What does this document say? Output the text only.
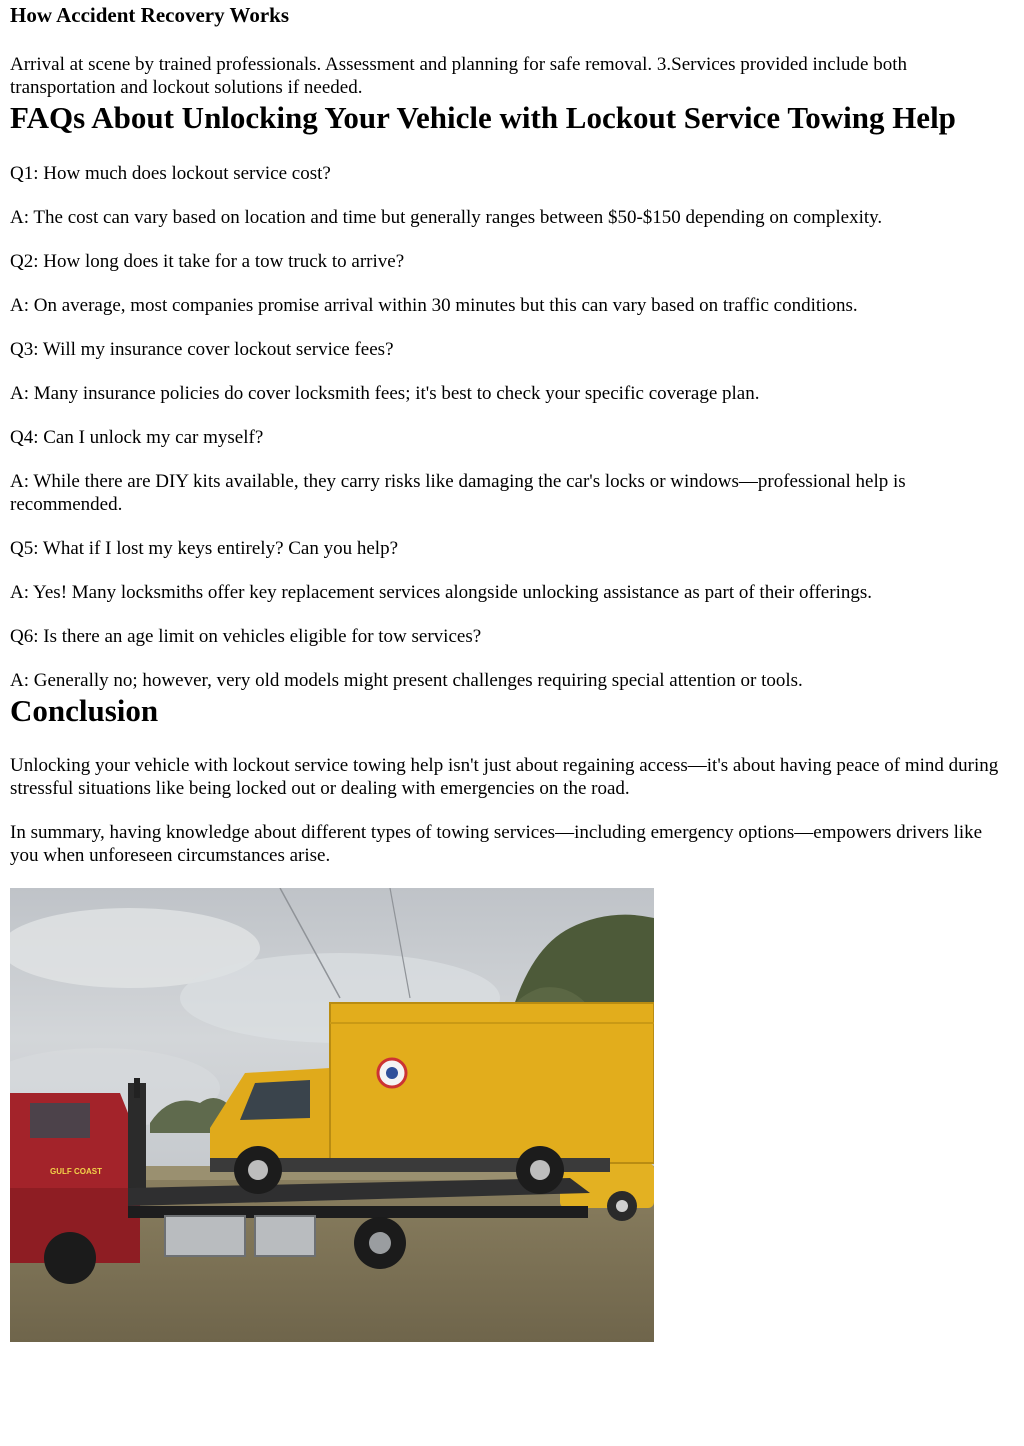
How Accident Recovery Works

Arrival at scene by trained professionals. Assessment and planning for safe removal. 3.Services provided include both transportation and lockout solutions if needed.

FAQs About Unlocking Your Vehicle with Lockout Service Towing Help

Q1: How much does lockout service cost?

A: The cost can vary based on location and time but generally ranges between $50-$150 depending on complexity.

Q2: How long does it take for a tow truck to arrive?

A: On average, most companies promise arrival within 30 minutes but this can vary based on traffic conditions.

Q3: Will my insurance cover lockout service fees?

A: Many insurance policies do cover locksmith fees; it's best to check your specific coverage plan.

Q4: Can I unlock my car myself?

A: While there are DIY kits available, they carry risks like damaging the car's locks or windows—professional help is recommended.

Q5: What if I lost my keys entirely? Can you help?

A: Yes! Many locksmiths offer key replacement services alongside unlocking assistance as part of their offerings.

Q6: Is there an age limit on vehicles eligible for tow services?

A: Generally no; however, very old models might present challenges requiring special attention or tools.

Conclusion

Unlocking your vehicle with lockout service towing help isn't just about regaining access—it's about having peace of mind during stressful situations like being locked out or dealing with emergencies on the road.

In summary, having knowledge about different types of towing services—including emergency options—empowers drivers like you when unforeseen circumstances arise.

GULF COAST
